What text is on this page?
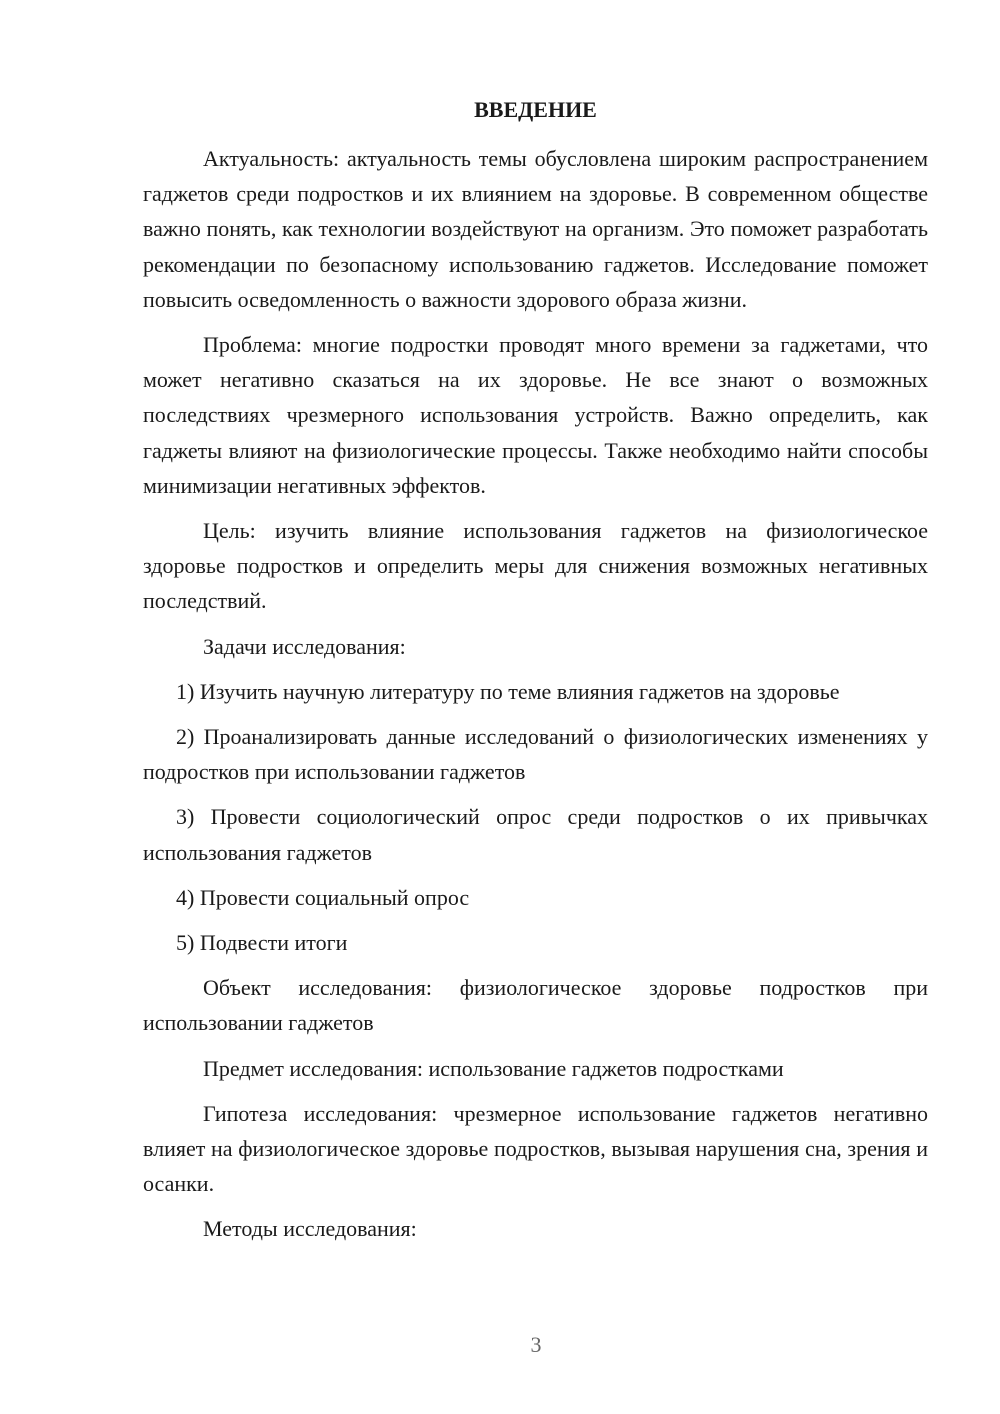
ВВЕДЕНИЕ

Актуальность: актуальность темы обусловлена широким распространением гаджетов среди подростков и их влиянием на здоровье. В современном обществе важно понять, как технологии воздействуют на организм. Это поможет разработать рекомендации по безопасному использованию гаджетов. Исследование поможет повысить осведомленность о важности здорового образа жизни.

Проблема: многие подростки проводят много времени за гаджетами, что может негативно сказаться на их здоровье. Не все знают о возможных последствиях чрезмерного использования устройств. Важно определить, как гаджеты влияют на физиологические процессы. Также необходимо найти способы минимизации негативных эффектов.

Цель: изучить влияние использования гаджетов на физиологическое здоровье подростков и определить меры для снижения возможных негативных последствий.

Задачи исследования:

1) Изучить научную литературу по теме влияния гаджетов на здоровье

2) Проанализировать данные исследований о физиологических изменениях у подростков при использовании гаджетов

3) Провести социологический опрос среди подростков о их привычках использования гаджетов

4) Провести социальный опрос

5) Подвести итоги

Объект исследования: физиологическое здоровье подростков при использовании гаджетов

Предмет исследования: использование гаджетов подростками

Гипотеза исследования: чрезмерное использование гаджетов негативно влияет на физиологическое здоровье подростков, вызывая нарушения сна, зрения и осанки.

Методы исследования:

3
